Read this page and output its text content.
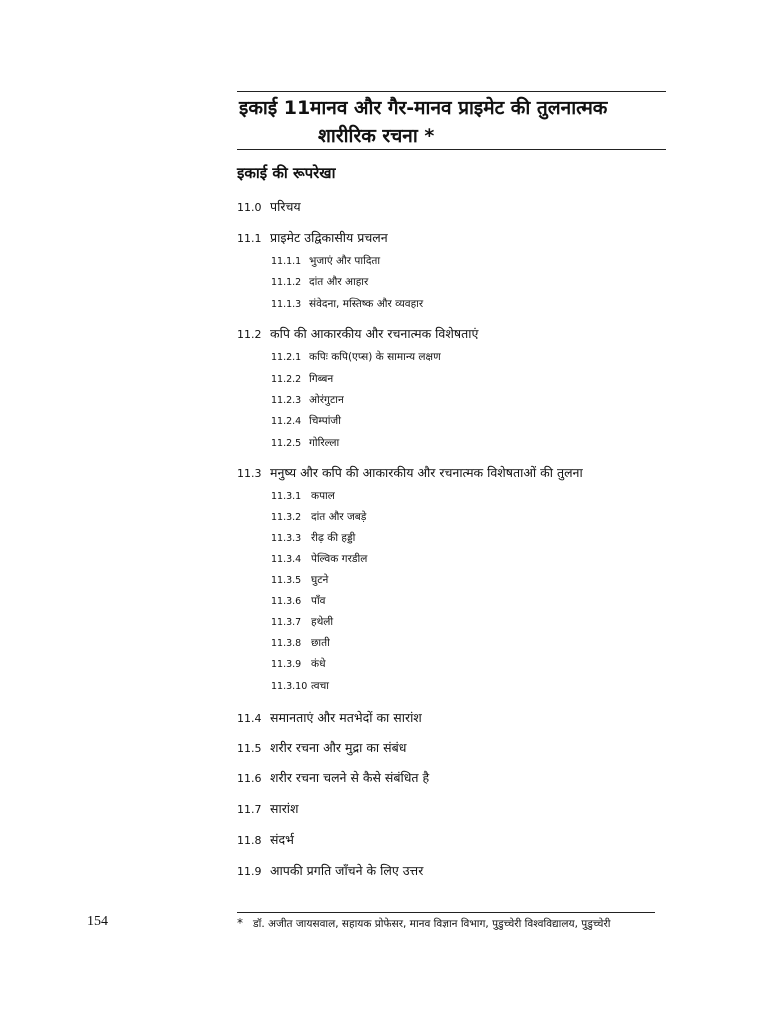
इकाई 11मानव और गैर-मानव प्राइमेट की तुलनात्मक
शारीरिक रचना *
इकाई की रूपरेखा
11.0 परिचय
11.1 प्राइमेट उद्विकासीय प्रचलन
11.1.1 भुजाएं और पादिता
11.1.2 दांत और आहार
11.1.3 संवेदना, मस्तिष्क और व्यवहार
11.2 कपि की आकारकीय और रचनात्मक विशेषताएं
11.2.1 कपिः कपि(एप्स) के सामान्य लक्षण
11.2.2 गिब्बन
11.2.3 ओरंगुटान
11.2.4 चिम्पांजी
11.2.5 गोरिल्ला
11.3 मनुष्य और कपि की आकारकीय और रचनात्मक विशेषताओं की तुलना
11.3.1 कपाल
11.3.2 दांत और जबड़े
11.3.3 रीढ़ की हड्डी
11.3.4 पेल्विक गरडील
11.3.5 घुटने
11.3.6 पाँव
11.3.7 हथेली
11.3.8 छाती
11.3.9 कंधे
11.3.10 त्वचा
11.4 समानताएं और मतभेदों का सारांश
11.5 शरीर रचना और मुद्रा का संबंध
11.6 शरीर रचना चलने से कैसे संबंधित है
11.7 सारांश
11.8 संदर्भ
11.9 आपकी प्रगति जाँचने के लिए उत्तर
154	* डॉ. अजीत जायसवाल, सहायक प्रोफेसर, मानव विज्ञान विभाग, पुडुच्चेरी विश्वविद्यालय, पुडुच्चेरी
